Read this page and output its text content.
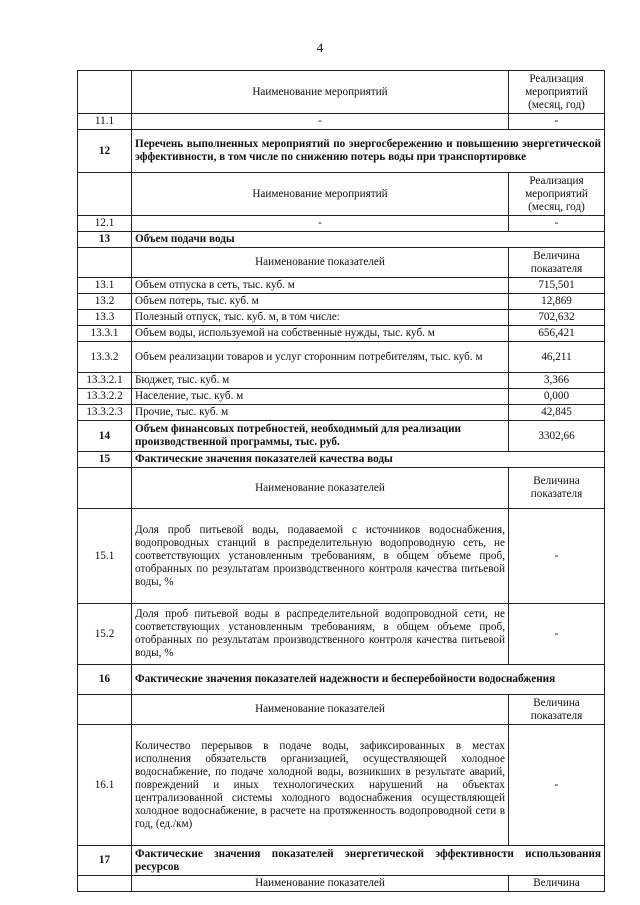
4
	Наименование мероприятий	Реализация мероприятий (месяц, год)
11.1	-	-
12	Перечень выполненных мероприятий по энергосбережению и повышению энергетической эффективности, в том числе по снижению потерь воды при транспортировке	
	Наименование мероприятий	Реализация мероприятий (месяц, год)
12.1	-	-
13	Объем подачи воды	
	Наименование показателей	Величина показателя
13.1	Объем отпуска в сеть, тыс. куб. м	715,501
13.2	Объем потерь, тыс. куб. м	12,869
13.3	Полезный отпуск, тыс. куб. м, в том числе:	702,632
13.3.1	Объем воды, используемой на собственные нужды, тыс. куб. м	656,421
13.3.2	Объем реализации товаров и услуг сторонним потребителям, тыс. куб. м	46,211
13.3.2.1	Бюджет, тыс. куб. м	3,366
13.3.2.2	Население, тыс. куб. м	0,000
13.3.2.3	Прочие, тыс. куб. м	42,845
14	Объем финансовых потребностей, необходимый для реализации производственной программы, тыс. руб.	3302,66
15	Фактические значения показателей качества воды	
	Наименование показателей	Величина показателя
15.1	Доля проб питьевой воды, подаваемой с источников водоснабжения, водопроводных станций в распределительную водопроводную сеть, не соответствующих установленным требованиям, в общем объеме проб, отобранных по результатам производственного контроля качества питьевой воды, %	-
15.2	Доля проб питьевой воды в распределительной водопроводной сети, не соответствующих установленным требованиям, в общем объеме проб, отобранных по результатам производственного контроля качества питьевой воды, %	-
16	Фактические значения показателей надежности и бесперебойности водоснабжения	
	Наименование показателей	Величина показателя
16.1	Количество перерывов в подаче воды, зафиксированных в местах исполнения обязательств организацией, осуществляющей холодное водоснабжение, по подаче холодной воды, возникших в результате аварий, повреждений и иных технологических нарушений на объектах централизованной системы холодного водоснабжения осуществляющей холодное водоснабжение, в расчете на протяженность водопроводной сети в год, (ед./км)	-
17	Фактические значения показателей энергетической эффективности использования ресурсов	
	Наименование показателей	Величина
